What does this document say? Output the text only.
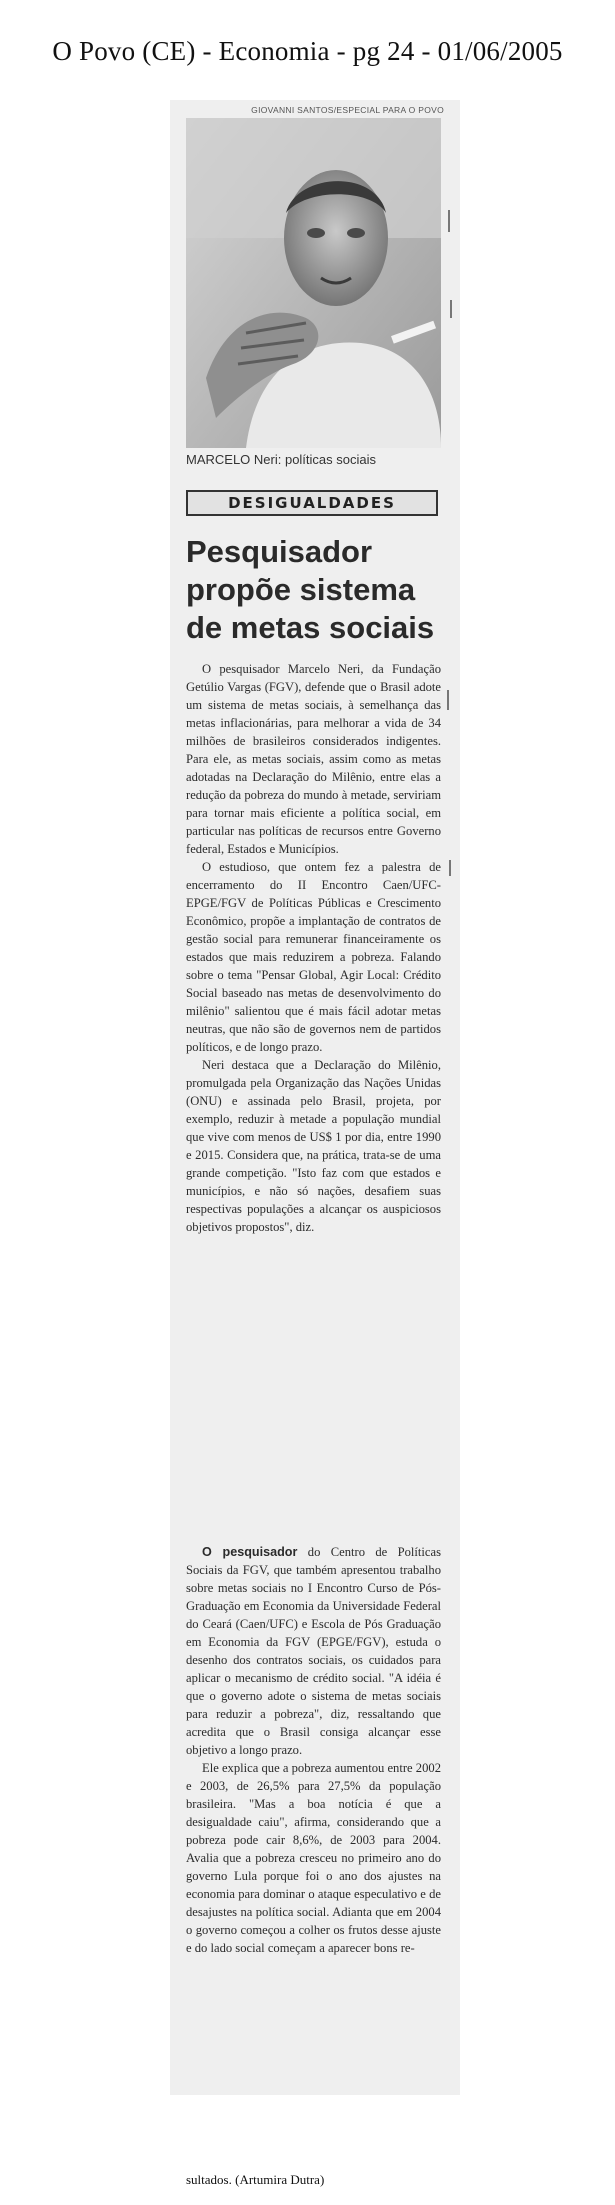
O Povo (CE) - Economia - pg 24 - 01/06/2005
GIOVANNI SANTOS/ESPECIAL PARA O POVO
MARCELO Neri: políticas sociais
DESIGUALDADES
Pesquisador
propõe sistema
de metas sociais

O pesquisador Marcelo Neri, da Fundação Getúlio Vargas (FGV), defende que o Brasil adote um sistema de metas sociais, à semelhança das metas inflacionárias, para melhorar a vida de 34 milhões de brasileiros considerados indigentes. Para ele, as metas sociais, assim como as metas adotadas na Declaração do Milênio, entre elas a redução da pobreza do mundo à metade, serviriam para tornar mais eficiente a política social, em particular nas políticas de recursos entre Governo federal, Estados e Municípios.

O estudioso, que ontem fez a palestra de encerramento do II Encontro Caen/UFC-EPGE/FGV de Políticas Públicas e Crescimento Econômico, propõe a implantação de contratos de gestão social para remunerar financeiramente os estados que mais reduzirem a pobreza. Falando sobre o tema "Pensar Global, Agir Local: Crédito Social baseado nas metas de desenvolvimento do milênio" salientou que é mais fácil adotar metas neutras, que não são de governos nem de partidos políticos, e de longo prazo.

Neri destaca que a Declaração do Milênio, promulgada pela Organização das Nações Unidas (ONU) e assinada pelo Brasil, projeta, por exemplo, reduzir à metade a população mundial que vive com menos de US$ 1 por dia, entre 1990 e 2015. Considera que, na prática, trata-se de uma grande competição. "Isto faz com que estados e municípios, e não só nações, desafiem suas respectivas populações a alcançar os auspiciosos objetivos propostos", diz.

O pesquisador do Centro de Políticas Sociais da FGV, que também apresentou trabalho sobre metas sociais no I Encontro Curso de Pós-Graduação em Economia da Universidade Federal do Ceará (Caen/UFC) e Escola de Pós Graduação em Economia da FGV (EPGE/FGV), estuda o desenho dos contratos sociais, os cuidados para aplicar o mecanismo de crédito social. "A idéia é que o governo adote o sistema de metas sociais para reduzir a pobreza", diz, ressaltando que acredita que o Brasil consiga alcançar esse objetivo a longo prazo.

Ele explica que a pobreza aumentou entre 2002 e 2003, de 26,5% para 27,5% da população brasileira. "Mas a boa notícia é que a desigualdade caiu", afirma, considerando que a pobreza pode cair 8,6%, de 2003 para 2004. Avalia que a pobreza cresceu no primeiro ano do governo Lula porque foi o ano dos ajustes na economia para dominar o ataque especulativo e de desajustes na política social. Adianta que em 2004 o governo começou a colher os frutos desse ajuste e do lado social começam a aparecer bons re-

sultados. (Artumira Dutra)
